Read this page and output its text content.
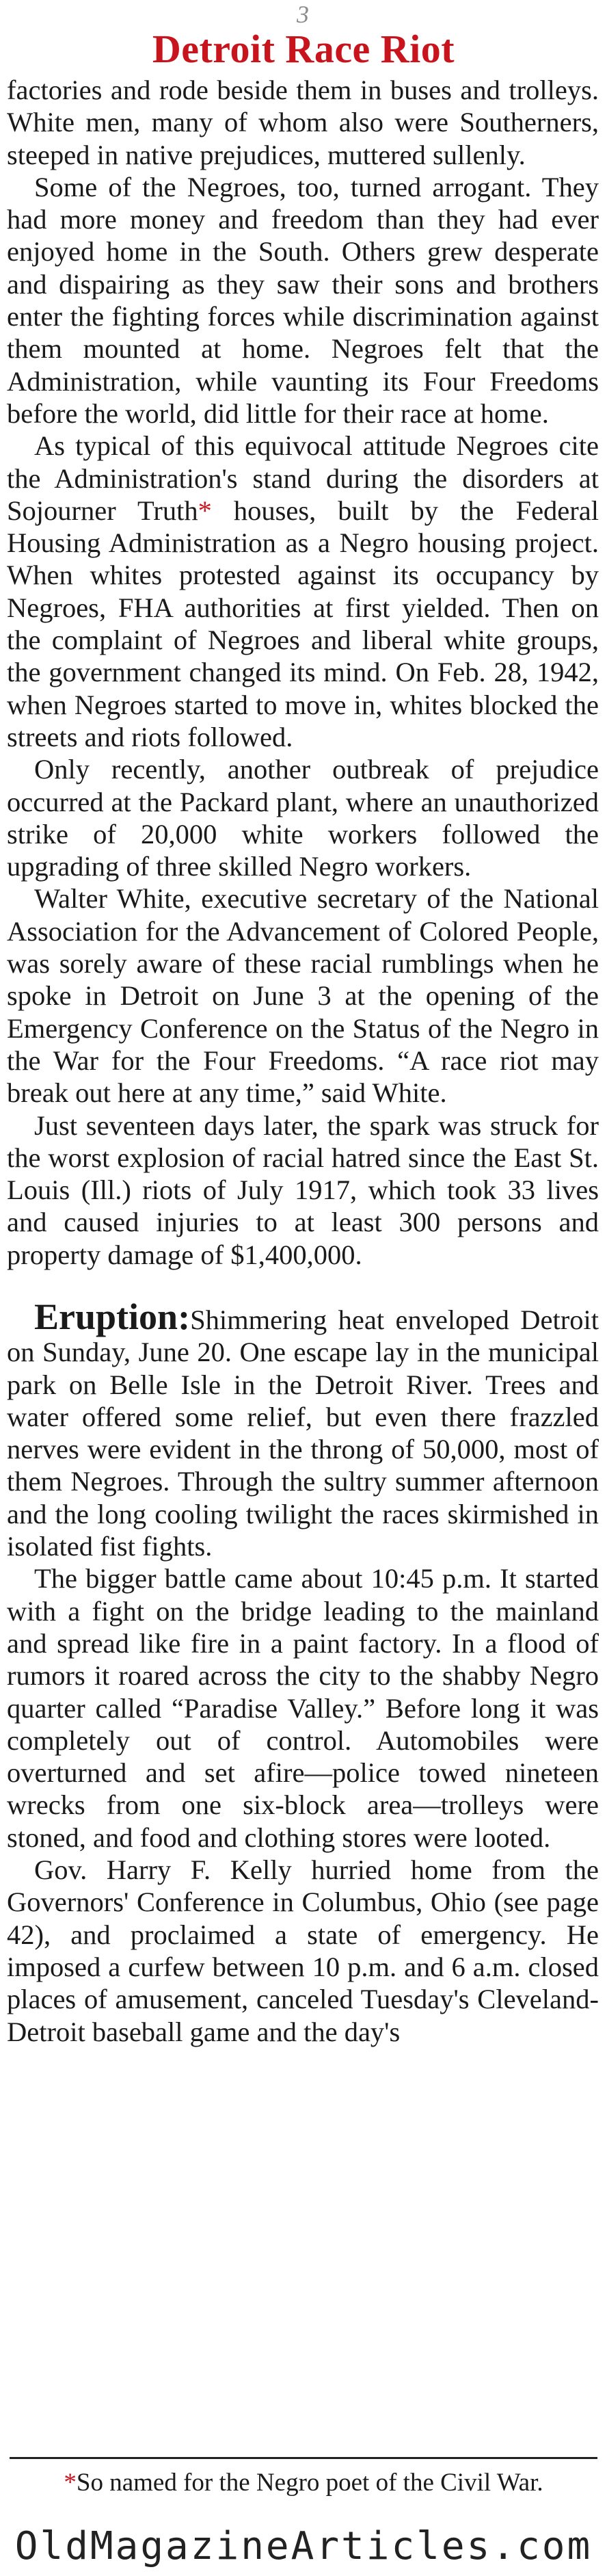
3
Detroit Race Riot

factories and rode beside them in buses and trolleys. White men, many of whom also were Southerners, steeped in native prejudices, muttered sullenly.

Some of the Negroes, too, turned arrogant. They had more money and freedom than they had ever enjoyed home in the South. Others grew desperate and dispairing as they saw their sons and brothers enter the fighting forces while discrimination against them mounted at home. Negroes felt that the Administration, while vaunting its Four Freedoms before the world, did little for their race at home.

As typical of this equivocal attitude Negroes cite the Administration's stand during the disorders at Sojourner Truth* houses, built by the Federal Housing Administration as a Negro housing project. When whites protested against its occupancy by Negroes, FHA authorities at first yielded. Then on the complaint of Negroes and liberal white groups, the government changed its mind. On Feb. 28, 1942, when Negroes started to move in, whites blocked the streets and riots followed.

Only recently, another outbreak of prejudice occurred at the Packard plant, where an unauthorized strike of 20,000 white workers followed the upgrading of three skilled Negro workers.

Walter White, executive secretary of the National Association for the Advancement of Colored People, was sorely aware of these racial rumblings when he spoke in Detroit on June 3 at the opening of the Emergency Conference on the Status of the Negro in the War for the Four Freedoms. “A race riot may break out here at any time,” said White.

Just seventeen days later, the spark was struck for the worst explosion of racial hatred since the East St. Louis (Ill.) riots of July 1917, which took 33 lives and caused injuries to at least 300 persons and property damage of $1,400,000.

Eruption:Shimmering heat enveloped Detroit on Sunday, June 20. One escape lay in the municipal park on Belle Isle in the Detroit River. Trees and water offered some relief, but even there frazzled nerves were evident in the throng of 50,000, most of them Negroes. Through the sultry summer afternoon and the long cooling twilight the races skirmished in isolated fist fights.

The bigger battle came about 10:45 p.m. It started with a fight on the bridge leading to the mainland and spread like fire in a paint factory. In a flood of rumors it roared across the city to the shabby Negro quarter called “Paradise Valley.” Before long it was completely out of control. Automobiles were overturned and set afire—police towed nineteen wrecks from one six-block area—trolleys were stoned, and food and clothing stores were looted.

Gov. Harry F. Kelly hurried home from the Governors' Conference in Columbus, Ohio (see page 42), and proclaimed a state of emergency. He imposed a curfew between 10 p.m. and 6 a.m. closed places of amusement, canceled Tuesday's Cleveland-Detroit baseball game and the day's

*So named for the Negro poet of the Civil War.
OldMagazineArticles.com
